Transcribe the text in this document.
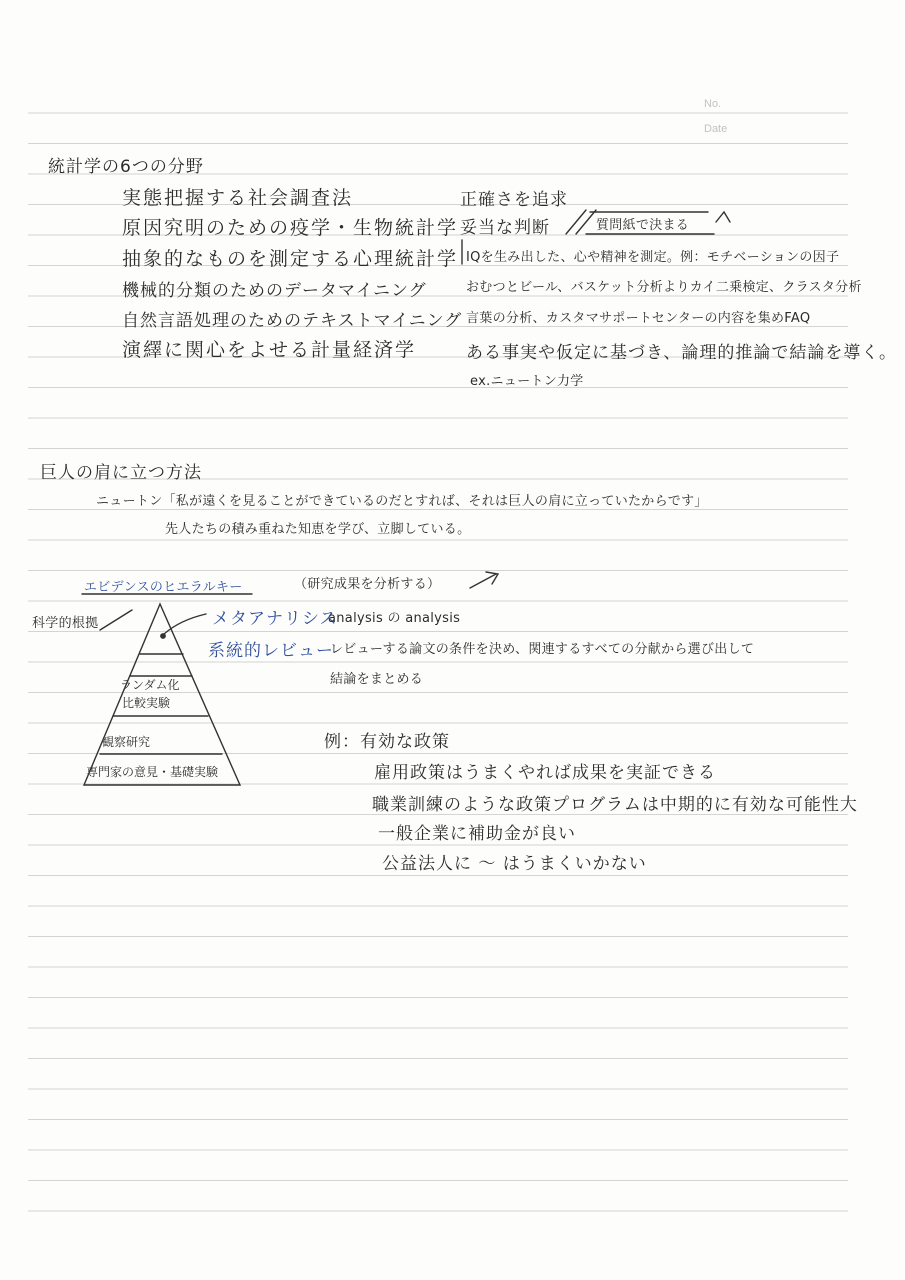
No.
Date
統計学の6つの分野
実態把握する社会調査法
原因究明のための疫学・生物統計学
抽象的なものを測定する心理統計学
機械的分類のためのデータマイニング
自然言語処理のためのテキストマイニング
演繹に関心をよせる計量経済学
正確さを追求
妥当な判断	質問紙で決まる
IQを生み出した、心や精神を測定。例：モチベーションの因子
おむつとビール、バスケット分析よりカイ二乗検定、クラスタ分析
言葉の分析、カスタマサポートセンターの内容を集めFAQ
ある事実や仮定に基づき、論理的推論で結論を導く。
ex.ニュートン力学
巨人の肩に立つ方法
ニュートン「私が遠くを見ることができているのだとすれば、それは巨人の肩に立っていたからです」
先人たちの積み重ねた知恵を学び、立脚している。
エビデンスのヒエラルキー	（研究成果を分析する）
科学的根拠	メタアナリシス
analysis の analysis
系統的レビュー
レビューする論文の条件を決め、関連するすべての分献から選び出して
結論をまとめる
ランダム化
比較実験
観察研究
専門家の意見・基礎実験
例：有効な政策
雇用政策はうまくやれば成果を実証できる
職業訓練のような政策プログラムは中期的に有効な可能性大
一般企業に補助金が良い
公益法人に 〜 はうまくいかない
